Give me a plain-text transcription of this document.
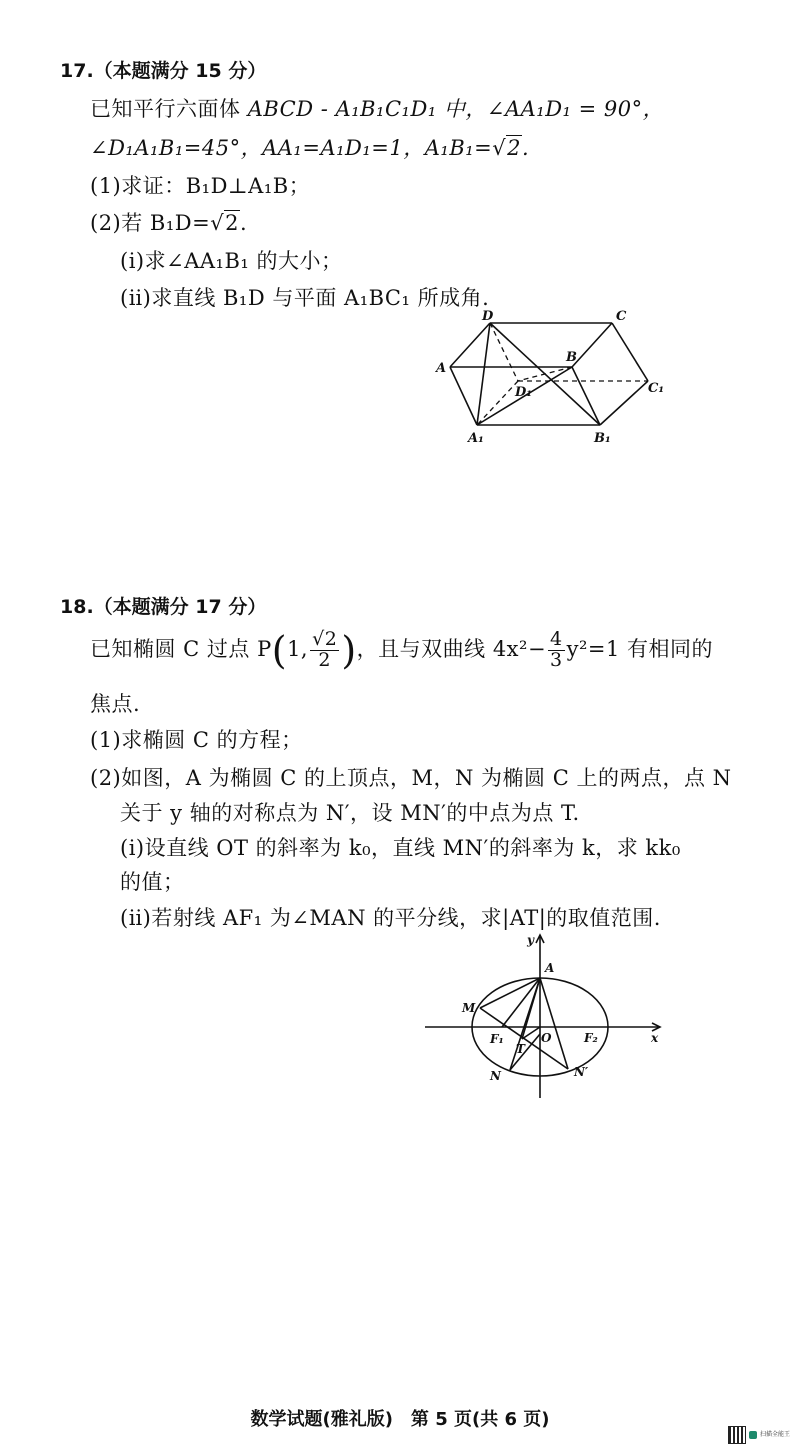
17.（本题满分 15 分）
已知平行六面体 ABCD - A₁B₁C₁D₁ 中，∠AA₁D₁ = 90°，
∠D₁A₁B₁=45°，AA₁=A₁D₁=1，A₁B₁=√2.
(1)求证：B₁D⊥A₁B；
(2)若 B₁D=√2.
(ⅰ)求∠AA₁B₁ 的大小；
(ⅱ)求直线 B₁D 与平面 A₁BC₁ 所成角.
D	C
A
B
D₁	C₁
A₁	B₁
18.（本题满分 17 分）
已知椭圆 C 过点 P(1, $\frac{√2}{2}$ )，且与双曲线 $4x^2- \frac{4}{3} y^2=1$ 有相同的
焦点.
(1)求椭圆 C 的方程；
(2)如图，A 为椭圆 C 的上顶点，M，N 为椭圆 C 上的两点，点 N
关于 y 轴的对称点为 N′，设 MN′的中点为点 T.
(ⅰ)设直线 OT 的斜率为 k₀，直线 MN′的斜率为 k，求 kk₀
的值；
(ⅱ)若射线 AF₁ 为∠MAN 的平分线，求|AT|的取值范围.
y
A
M
F₁	O	F₂	x
T
N	N′
数学试题(雅礼版)　第 5 页(共 6 页)
扫描全能王
